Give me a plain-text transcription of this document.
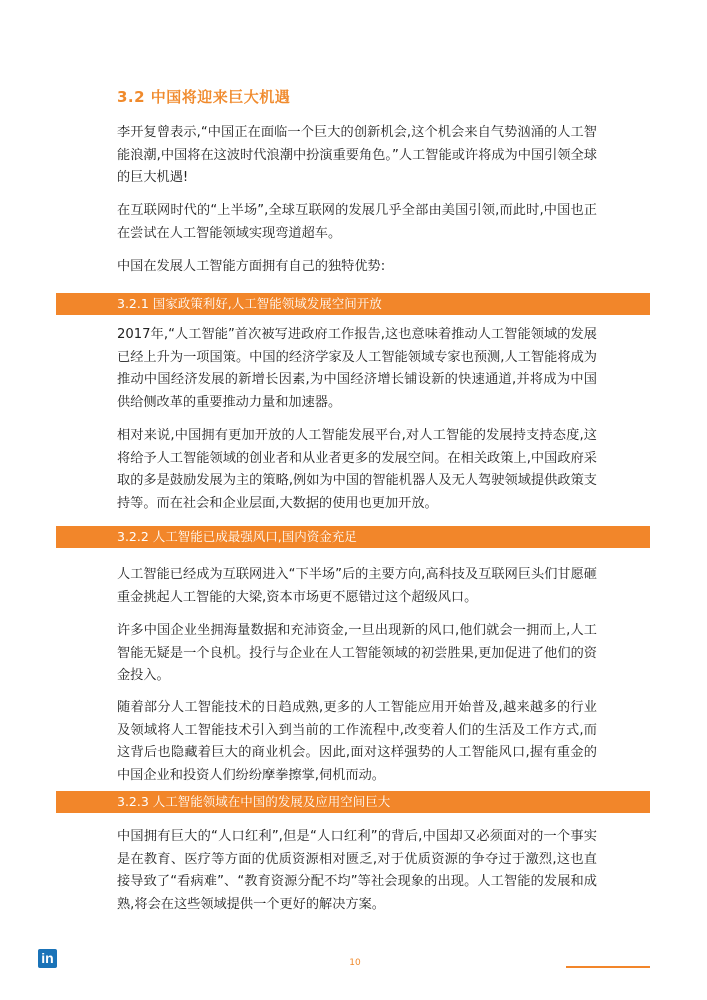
3.2 中国将迎来巨大机遇

李开复曾表示,“中国正在面临一个巨大的创新机会,这个机会来自气势汹涌的人工智能浪潮,中国将在这波时代浪潮中扮演重要角色。”人工智能或许将成为中国引领全球的巨大机遇!

在互联网时代的“上半场”,全球互联网的发展几乎全部由美国引领,而此时,中国也正在尝试在人工智能领域实现弯道超车。

中国在发展人工智能方面拥有自己的独特优势:

3.2.1 国家政策利好,人工智能领域发展空间开放

2017年,“人工智能”首次被写进政府工作报告,这也意味着推动人工智能领域的发展已经上升为一项国策。中国的经济学家及人工智能领域专家也预测,人工智能将成为推动中国经济发展的新增长因素,为中国经济增长铺设新的快速通道,并将成为中国供给侧改革的重要推动力量和加速器。

相对来说,中国拥有更加开放的人工智能发展平台,对人工智能的发展持支持态度,这将给予人工智能领域的创业者和从业者更多的发展空间。在相关政策上,中国政府采取的多是鼓励发展为主的策略,例如为中国的智能机器人及无人驾驶领域提供政策支持等。而在社会和企业层面,大数据的使用也更加开放。

3.2.2 人工智能已成最强风口,国内资金充足

人工智能已经成为互联网进入“下半场”后的主要方向,高科技及互联网巨头们甘愿砸重金挑起人工智能的大梁,资本市场更不愿错过这个超级风口。

许多中国企业坐拥海量数据和充沛资金,一旦出现新的风口,他们就会一拥而上,人工智能无疑是一个良机。投行与企业在人工智能领域的初尝胜果,更加促进了他们的资金投入。

随着部分人工智能技术的日趋成熟,更多的人工智能应用开始普及,越来越多的行业及领域将人工智能技术引入到当前的工作流程中,改变着人们的生活及工作方式,而这背后也隐藏着巨大的商业机会。因此,面对这样强势的人工智能风口,握有重金的中国企业和投资人们纷纷摩拳擦掌,伺机而动。

3.2.3 人工智能领域在中国的发展及应用空间巨大

中国拥有巨大的“人口红利”,但是“人口红利”的背后,中国却又必须面对的一个事实是在教育、医疗等方面的优质资源相对匮乏,对于优质资源的争夺过于激烈,这也直接导致了“看病难”、“教育资源分配不均”等社会现象的出现。人工智能的发展和成熟,将会在这些领域提供一个更好的解决方案。

in	10
